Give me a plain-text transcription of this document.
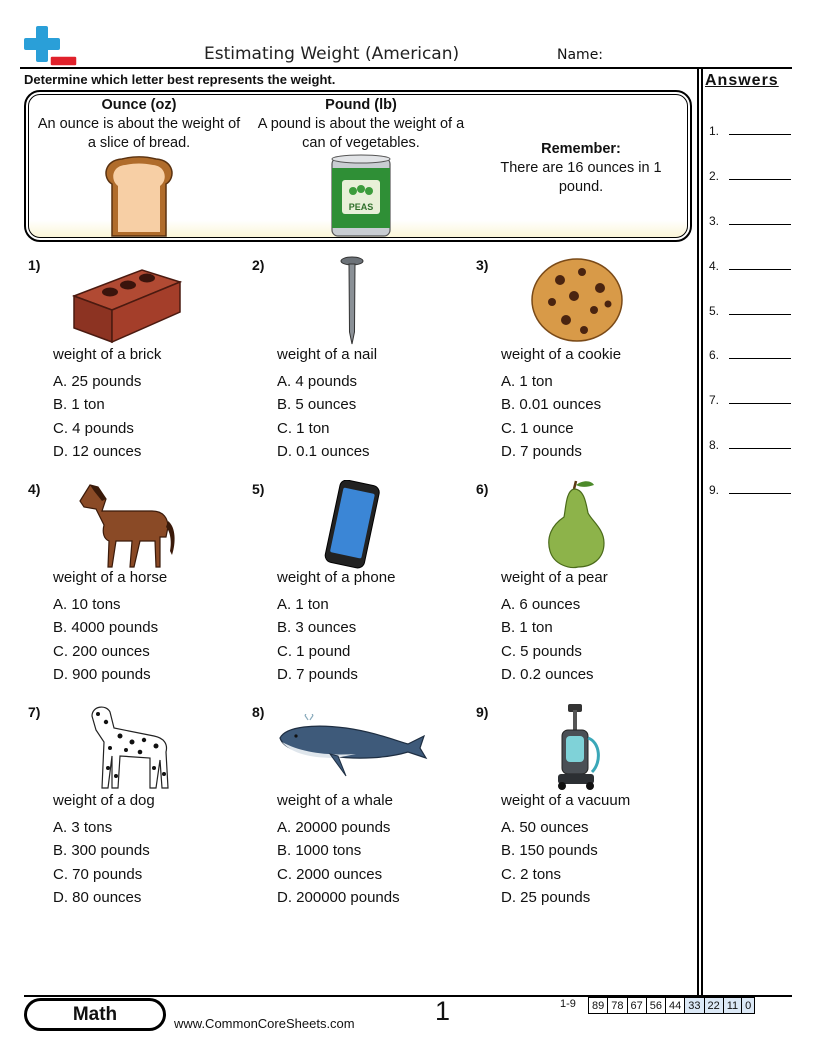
Estimating Weight (American)	Name:
Determine which letter best represents the weight.	Answers
Ounce (oz)
An ounce is about the weight of a slice of bread.
Pound (lb)
A pound is about the weight of a can of vegetables.
PEAS
Remember:
There are 16 ounces in 1 pound.
1)
weight of a brick
A. 25 pounds
B. 1 ton
C. 4 pounds
D. 12 ounces
2)
weight of a nail
A. 4 pounds
B. 5 ounces
C. 1 ton
D. 0.1 ounces
3)
weight of a cookie
A. 1 ton
B. 0.01 ounces
C. 1 ounce
D. 7 pounds
4)
weight of a horse
A. 10 tons
B. 4000 pounds
C. 200 ounces
D. 900 pounds
5)
weight of a phone
A. 1 ton
B. 3 ounces
C. 1 pound
D. 7 pounds
6)
weight of a pear
A. 6 ounces
B. 1 ton
C. 5 pounds
D. 0.2 ounces
7)
weight of a dog
A. 3 tons
B. 300 pounds
C. 70 pounds
D. 80 ounces
8)
weight of a whale
A. 20000 pounds
B. 1000 tons
C. 2000 ounces
D. 200000 pounds
9)
weight of a vacuum
A. 50 ounces
B. 150 pounds
C. 2 tons
D. 25 pounds
1.
2.
3.
4.
5.
6.
7.
8.
9.
Math	www.CommonCoreSheets.com	1	1-9 89	78	67	56	44	33	22	11	0
